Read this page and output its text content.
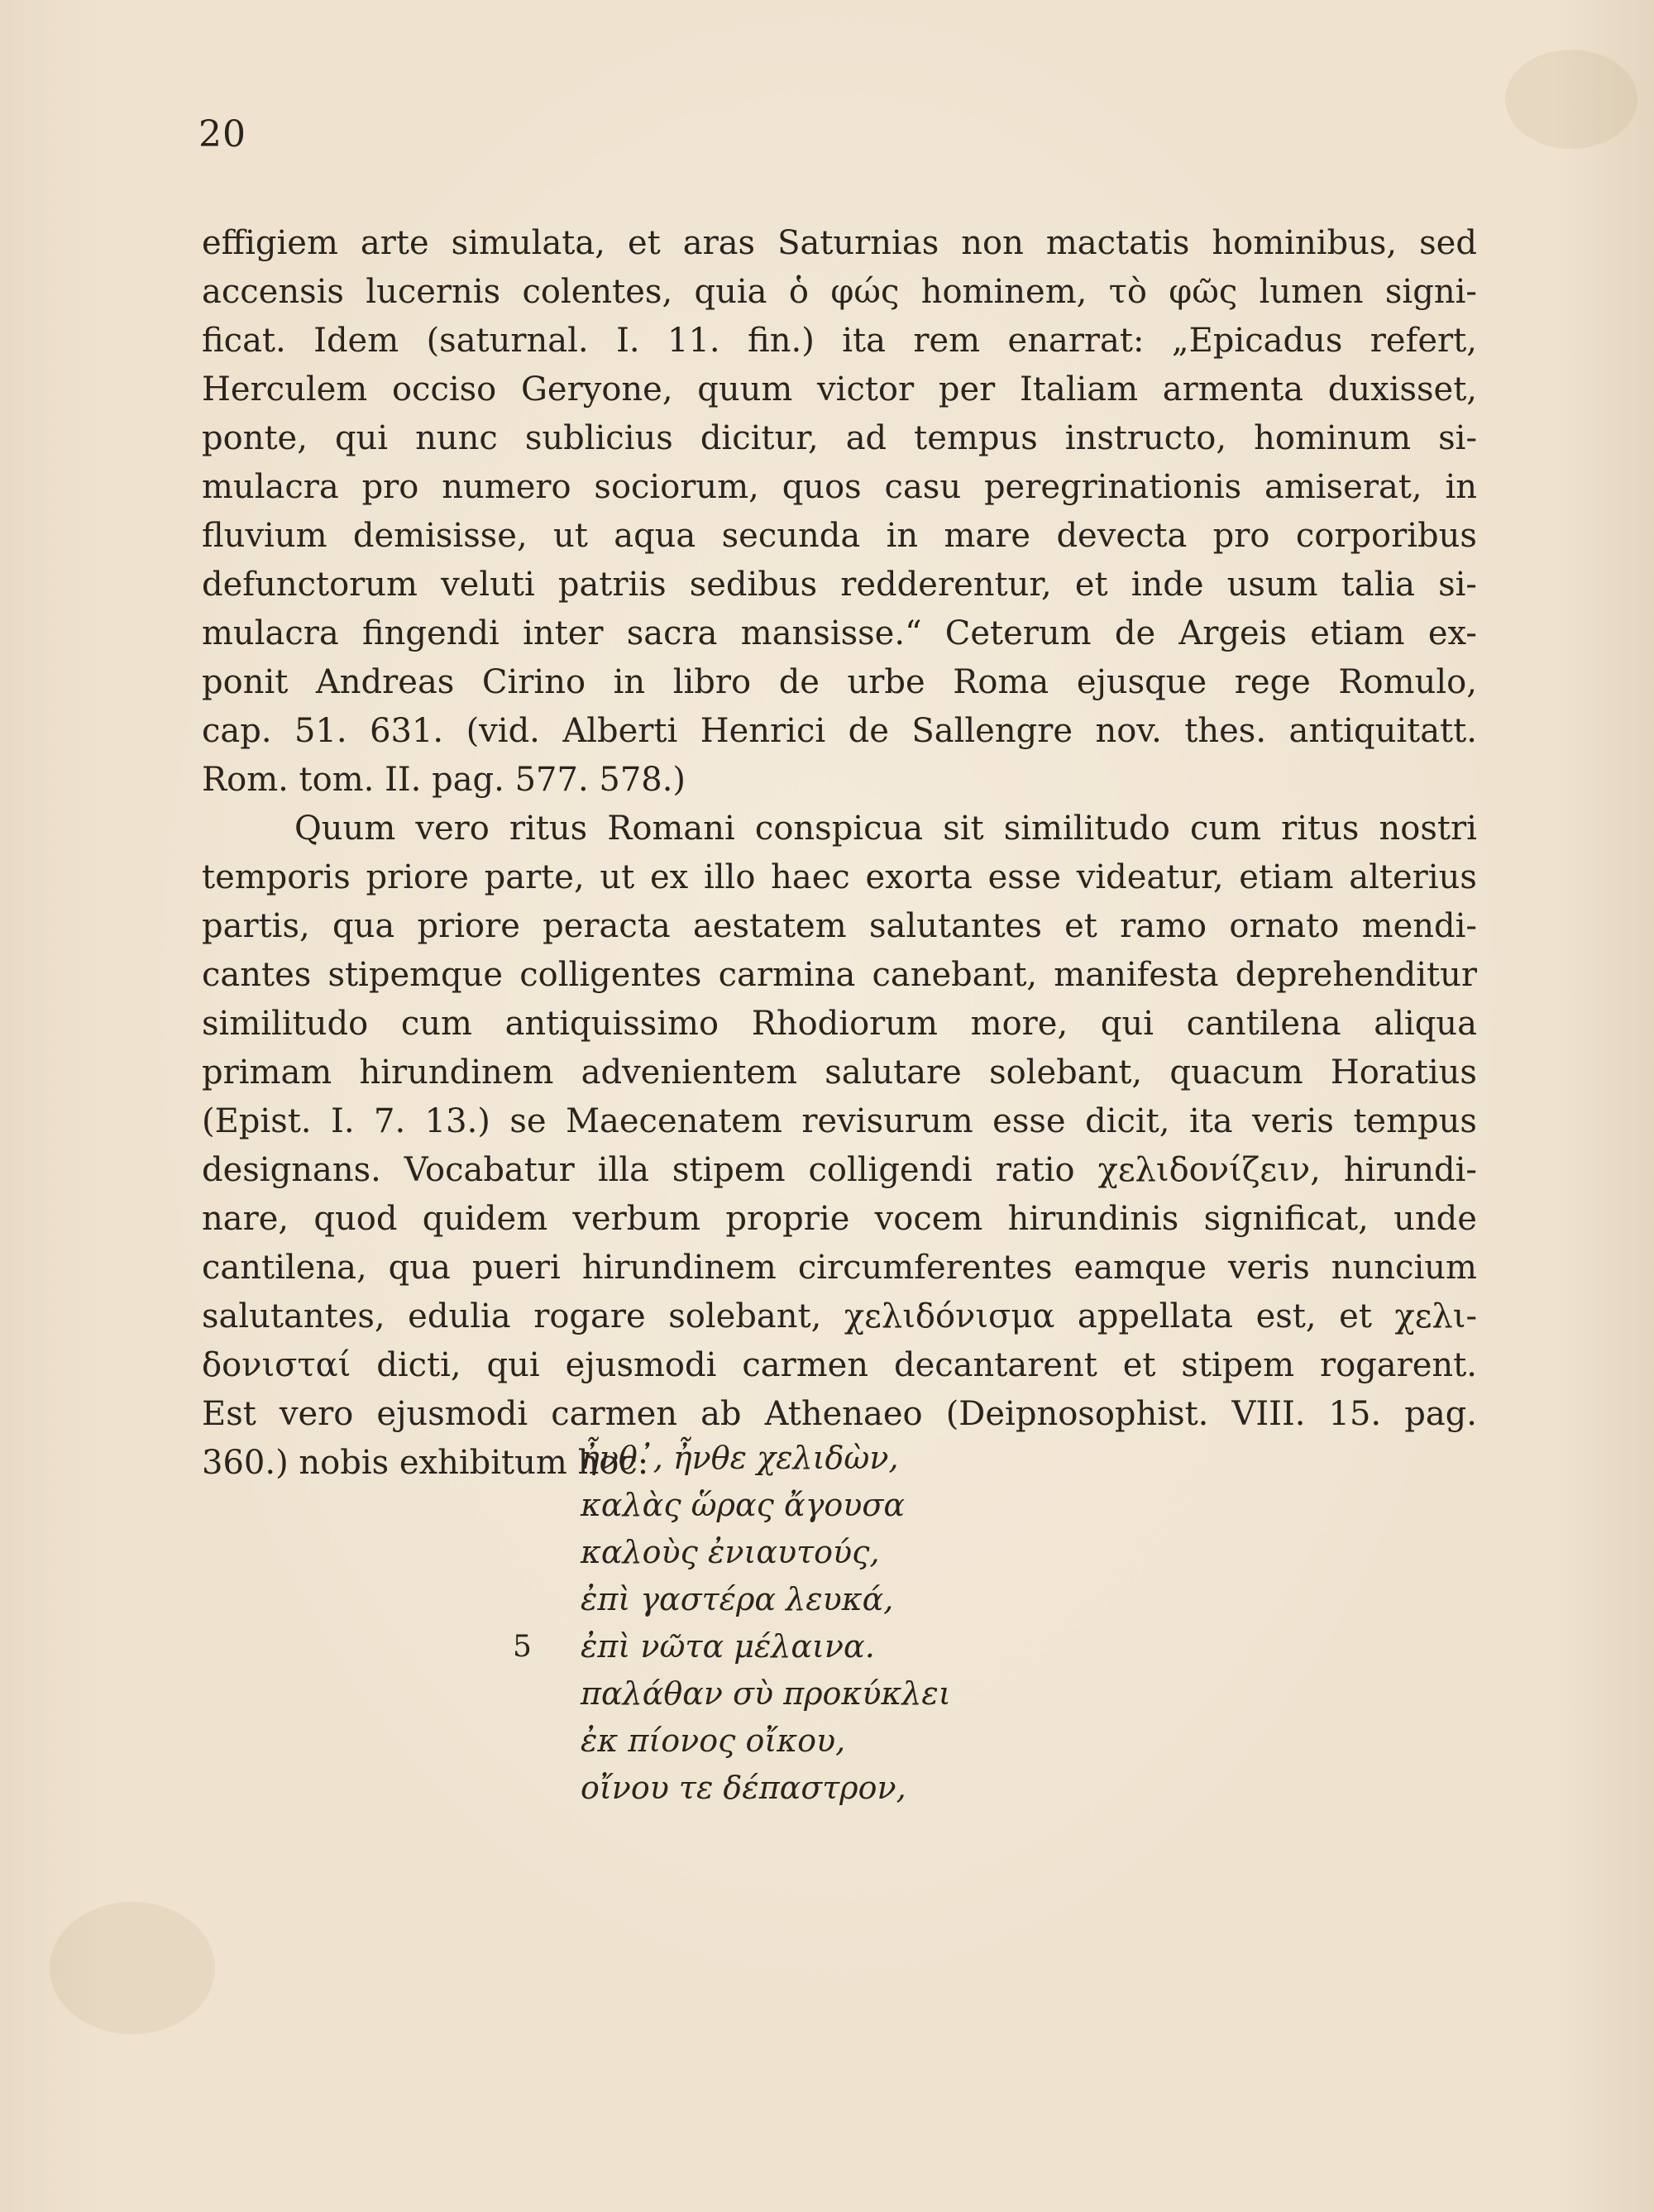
20
effigiem arte simulata, et aras Saturnias non mactatis hominibus, sed
accensis lucernis colentes, quia ὁ φώς hominem, τὸ φῶς lumen signi-
ficat. Idem (saturnal. I. 11. fin.) ita rem enarrat: „Epicadus refert,
Herculem occiso Geryone, quum victor per Italiam armenta duxisset,
ponte, qui nunc sublicius dicitur, ad tempus instructo, hominum si-
mulacra pro numero sociorum, quos casu peregrinationis amiserat, in
fluvium demisisse, ut aqua secunda in mare devecta pro corporibus
defunctorum veluti patriis sedibus redderentur, et inde usum talia si-
mulacra fingendi inter sacra mansisse.“ Ceterum de Argeis etiam ex-
ponit Andreas Cirino in libro de urbe Roma ejusque rege Romulo,
cap. 51. 631. (vid. Alberti Henrici de Sallengre nov. thes. antiquitatt.
Rom. tom. II. pag. 577. 578.)
Quum vero ritus Romani conspicua sit similitudo cum ritus nostri
temporis priore parte, ut ex illo haec exorta esse videatur, etiam alterius
partis, qua priore peracta aestatem salutantes et ramo ornato mendi-
cantes stipemque colligentes carmina canebant, manifesta deprehenditur
similitudo cum antiquissimo Rhodiorum more, qui cantilena aliqua
primam hirundinem advenientem salutare solebant, quacum Horatius
(Epist. I. 7. 13.) se Maecenatem revisurum esse dicit, ita veris tempus
designans. Vocabatur illa stipem colligendi ratio χελιδονίζειν, hirundi-
nare, quod quidem verbum proprie vocem hirundinis significat, unde
cantilena, qua pueri hirundinem circumferentes eamque veris nuncium
salutantes, edulia rogare solebant, χελιδόνισμα appellata est, et χελι-
δονισταί dicti, qui ejusmodi carmen decantarent et stipem rogarent.
Est vero ejusmodi carmen ab Athenaeo (Deipnosophist. VIII. 15. pag.
360.) nobis exhibitum hoc:
ἦνθ᾽, ἦνθε χελιδὼν,
καλὰς ὥρας ἄγουσα
καλοὺς ἐνιαυτούς,
ἐπὶ γαστέρα λευκά,
5 ἐπὶ νῶτα μέλαινα.
παλάθαν σὺ προκύκλει
ἐκ πίονος οἴκου,
οἴνου τε δέπαστρον,
